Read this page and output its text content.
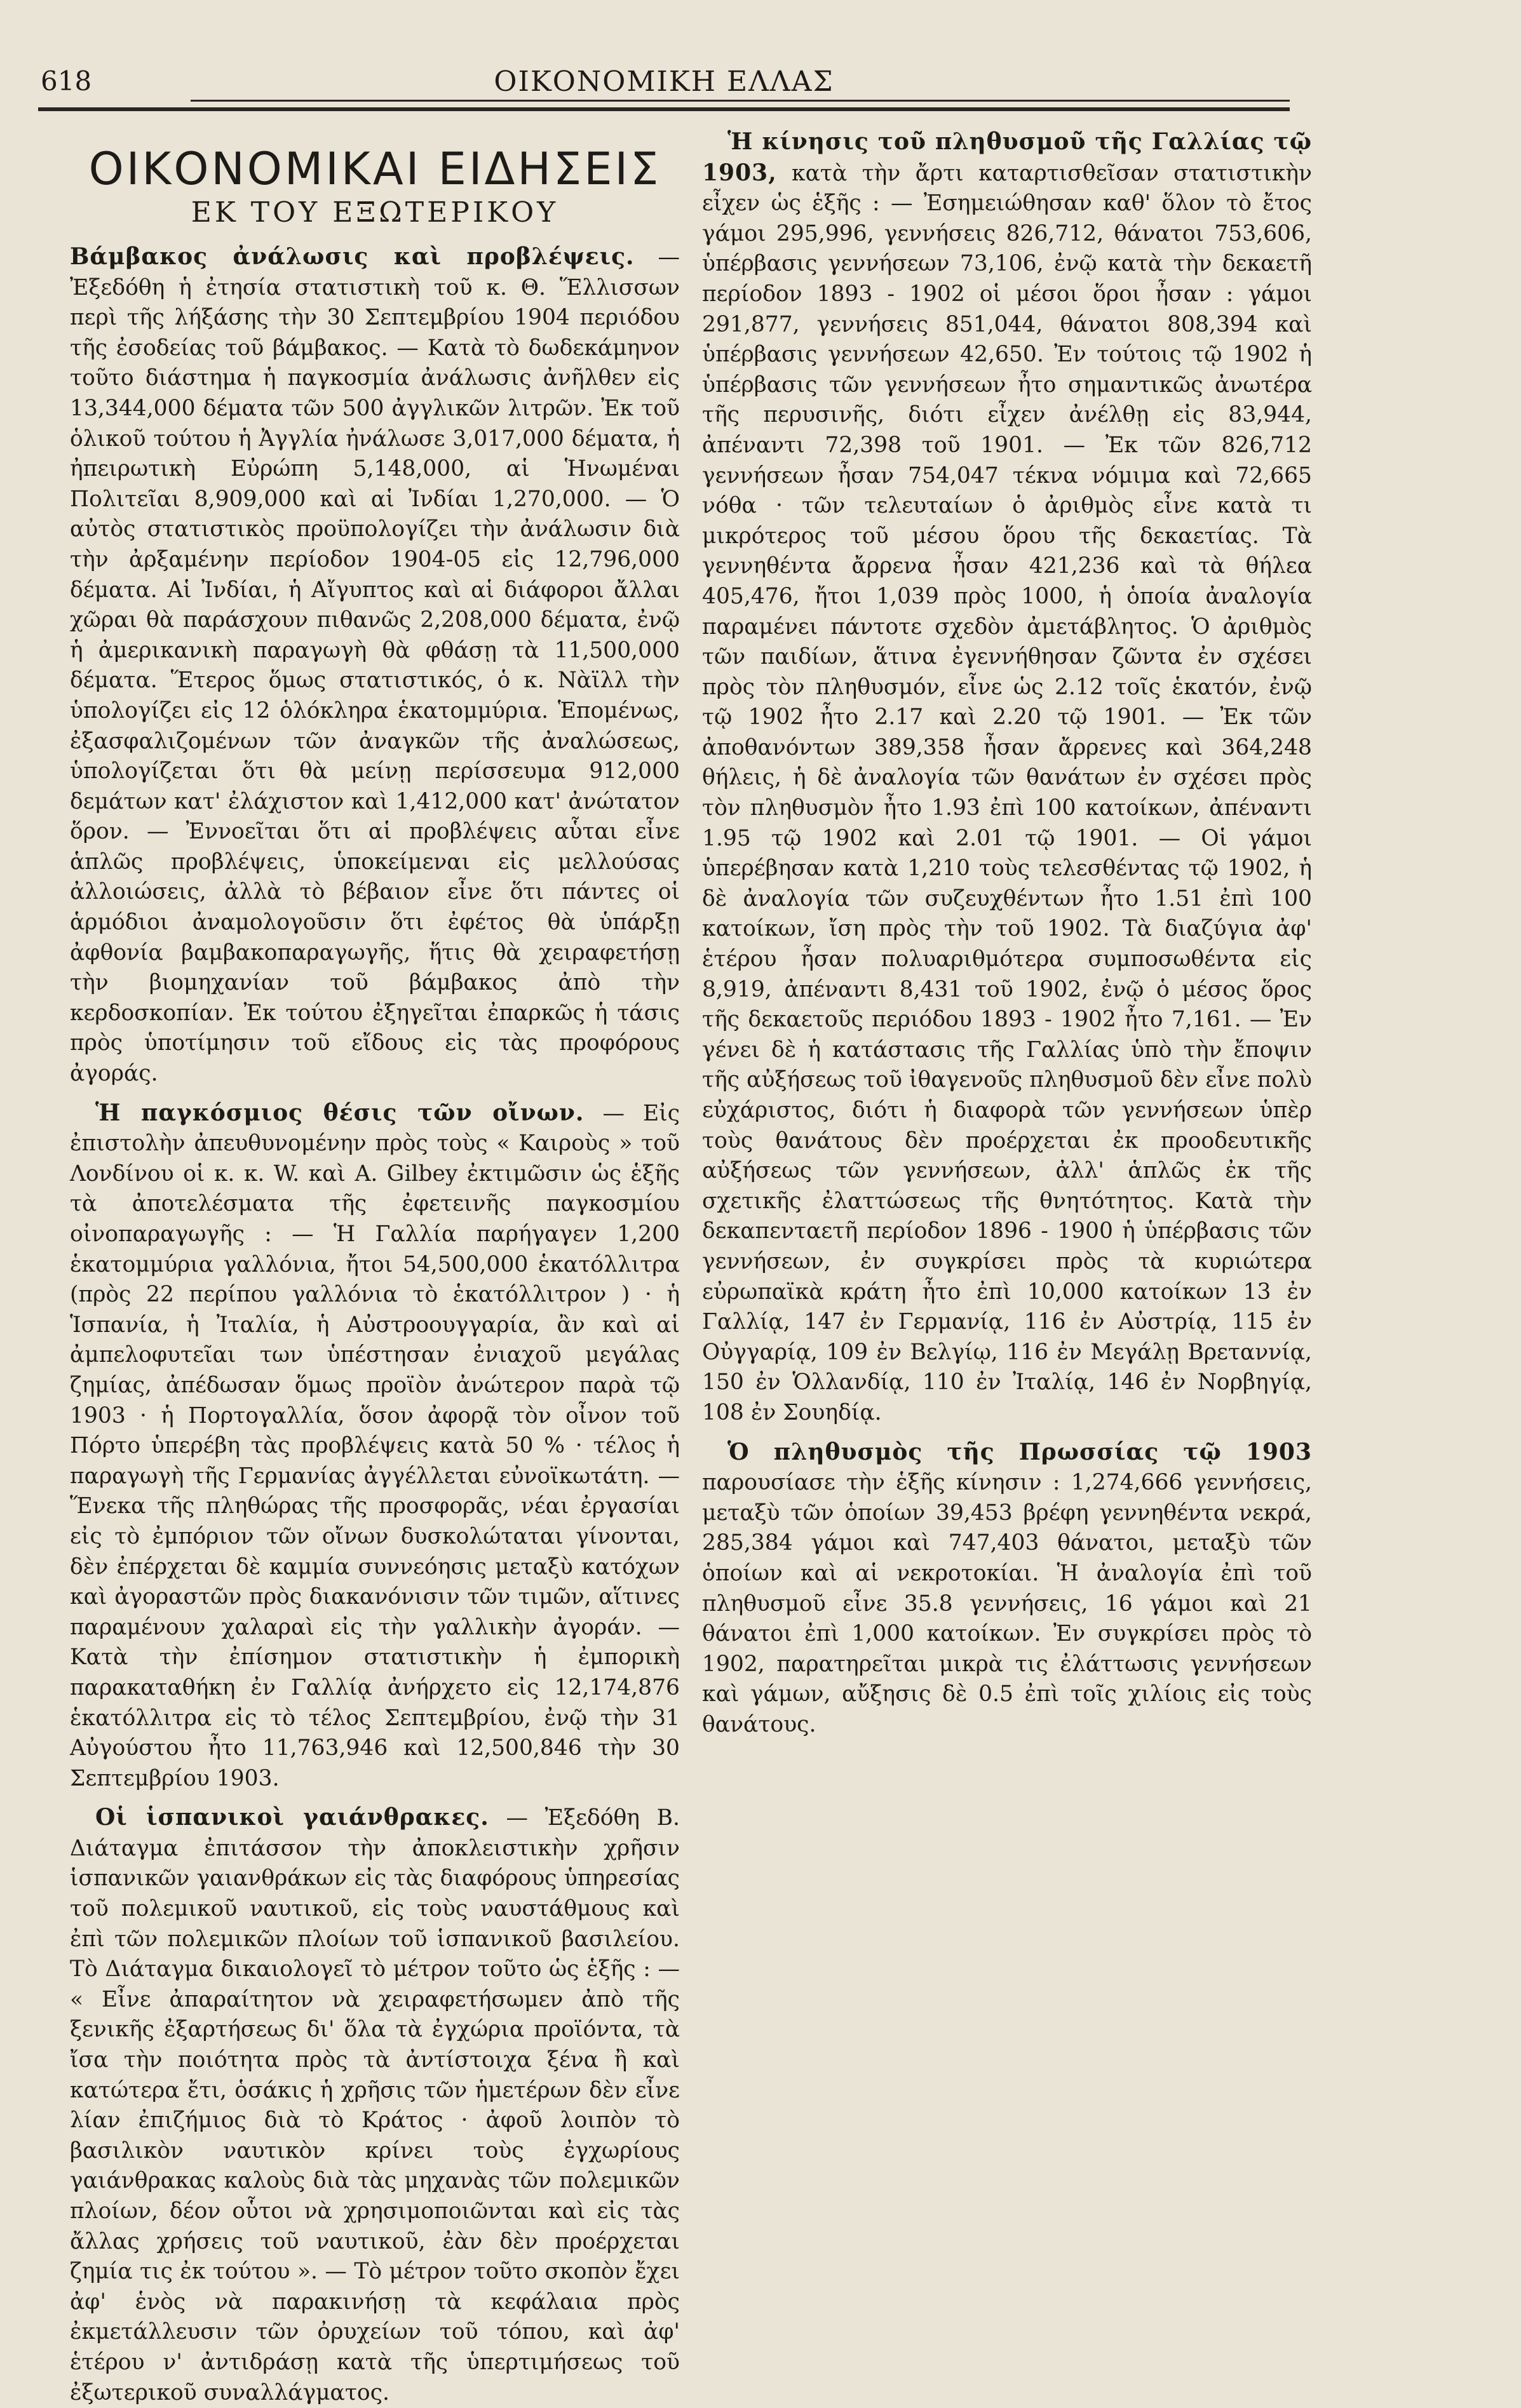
618	ΟΙΚΟΝΟΜΙΚΗ ΕΛΛΑΣ
ΟΙΚΟΝΟΜΙΚΑΙ ΕΙΔΗΣΕΙΣ
ΕΚ ΤΟΥ ΕΞΩΤΕΡΙΚΟΥ

Βάμβακος ἀνάλωσις καὶ προβλέψεις. — Ἐξεδόθη ἡ ἐτησία στατιστικὴ τοῦ κ. Θ. Ἕλλισσων περὶ τῆς λήξάσης τὴν 30 Σεπτεμβρίου 1904 περιόδου τῆς ἐσοδείας τοῦ βάμβακος. — Κατὰ τὸ δωδεκάμηνον τοῦτο διάστημα ἡ παγκοσμία ἀνάλωσις ἀνῆλθεν εἰς 13,344,000 δέματα τῶν 500 ἀγγλικῶν λιτρῶν. Ἐκ τοῦ ὁλικοῦ τούτου ἡ Ἀγγλία ἠνάλωσε 3,017,000 δέματα, ἡ ἠπειρωτικὴ Εὐρώπη 5,148,000, αἱ Ἡνωμέναι Πολιτεῖαι 8,909,000 καὶ αἱ Ἰνδίαι 1,270,000. — Ὁ αὐτὸς στατιστικὸς προϋπολογίζει τὴν ἀνάλωσιν διὰ τὴν ἀρξαμένην περίοδον 1904-05 εἰς 12,796,000 δέματα. Αἱ Ἰνδίαι, ἡ Αἴγυπτος καὶ αἱ διάφοροι ἄλλαι χῶραι θὰ παράσχουν πιθανῶς 2,208,000 δέματα, ἐνῷ ἡ ἀμερικανικὴ παραγωγὴ θὰ φθάσῃ τὰ 11,500,000 δέματα. Ἕτερος ὅμως στατιστικός, ὁ κ. Νὰϊλλ τὴν ὑπολογίζει εἰς 12 ὁλόκληρα ἑκατομμύρια. Ἑπομένως, ἐξασφαλιζομένων τῶν ἀναγκῶν τῆς ἀναλώσεως, ὑπολογίζεται ὅτι θὰ μείνῃ περίσσευμα 912,000 δεμάτων κατ' ἐλάχιστον καὶ 1,412,000 κατ' ἀνώτατον ὅρον. — Ἐννοεῖται ὅτι αἱ προβλέψεις αὗται εἶνε ἁπλῶς προβλέψεις, ὑποκείμεναι εἰς μελλούσας ἀλλοιώσεις, ἀλλὰ τὸ βέβαιον εἶνε ὅτι πάντες οἱ ἁρμόδιοι ἀναμολογοῦσιν ὅτι ἐφέτος θὰ ὑπάρξῃ ἀφθονία βαμβακοπαραγωγῆς, ἥτις θὰ χειραφετήσῃ τὴν βιομηχανίαν τοῦ βάμβακος ἀπὸ τὴν κερδοσκοπίαν. Ἐκ τούτου ἐξηγεῖται ἐπαρκῶς ἡ τάσις πρὸς ὑποτίμησιν τοῦ εἴδους εἰς τὰς προφόρους ἀγοράς.

Ἡ παγκόσμιος θέσις τῶν οἴνων. — Εἰς ἐπιστολὴν ἀπευθυνομένην πρὸς τοὺς « Καιροὺς » τοῦ Λονδίνου οἱ κ. κ. W. καὶ A. Gilbey ἐκτιμῶσιν ὡς ἑξῆς τὰ ἀποτελέσματα τῆς ἐφετεινῆς παγκοσμίου οἰνοπαραγωγῆς : — Ἡ Γαλλία παρήγαγεν 1,200 ἑκατομμύρια γαλλόνια, ἤτοι 54,500,000 ἑκατόλλιτρα (πρὸς 22 περίπου γαλλόνια τὸ ἑκατόλλιτρον ) · ἡ Ἱσπανία, ἡ Ἰταλία, ἡ Αὐστροουγγαρία, ἂν καὶ αἱ ἀμπελοφυτεῖαι των ὑπέστησαν ἐνιαχοῦ μεγάλας ζημίας, ἀπέδωσαν ὅμως προϊὸν ἀνώτερον παρὰ τῷ 1903 · ἡ Πορτογαλλία, ὅσον ἀφορᾷ τὸν οἶνον τοῦ Πόρτο ὑπερέβη τὰς προβλέψεις κατὰ 50 % · τέλος ἡ παραγωγὴ τῆς Γερμανίας ἀγγέλλεται εὐνοϊκωτάτη. — Ἕνεκα τῆς πληθώρας τῆς προσφορᾶς, νέαι ἐργασίαι εἰς τὸ ἐμπόριον τῶν οἴνων δυσκολώταται γίνονται, δὲν ἐπέρχεται δὲ καμμία συννεόησις μεταξὺ κατόχων καὶ ἀγοραστῶν πρὸς διακανόνισιν τῶν τιμῶν, αἵτινες παραμένουν χαλαραὶ εἰς τὴν γαλλικὴν ἀγοράν. — Κατὰ τὴν ἐπίσημον στατιστικὴν ἡ ἐμπορικὴ παρακαταθήκη ἐν Γαλλίᾳ ἀνήρχετο εἰς 12,174,876 ἑκατόλλιτρα εἰς τὸ τέλος Σεπτεμβρίου, ἐνῷ τὴν 31 Αὐγούστου ἦτο 11,763,946 καὶ 12,500,846 τὴν 30 Σεπτεμβρίου 1903.

Οἱ ἱσπανικοὶ γαιάνθρακες. — Ἐξεδόθη Β. Διάταγμα ἐπιτάσσον τὴν ἀποκλειστικὴν χρῆσιν ἱσπανικῶν γαιανθράκων εἰς τὰς διαφόρους ὑπηρεσίας τοῦ πολεμικοῦ ναυτικοῦ, εἰς τοὺς ναυστάθμους καὶ ἐπὶ τῶν πολεμικῶν πλοίων τοῦ ἱσπανικοῦ βασιλείου. Τὸ Διάταγμα δικαιολογεῖ τὸ μέτρον τοῦτο ὡς ἑξῆς : — « Εἶνε ἀπαραίτητον νὰ χειραφετήσωμεν ἀπὸ τῆς ξενικῆς ἐξαρτήσεως δι' ὅλα τὰ ἐγχώρια προϊόντα, τὰ ἴσα τὴν ποιότητα πρὸς τὰ ἀντίστοιχα ξένα ἢ καὶ κατώτερα ἔτι, ὁσάκις ἡ χρῆσις τῶν ἡμετέρων δὲν εἶνε λίαν ἐπιζήμιος διὰ τὸ Κράτος · ἀφοῦ λοιπὸν τὸ βασιλικὸν ναυτικὸν κρίνει τοὺς ἐγχωρίους γαιάνθρακας καλοὺς διὰ τὰς μηχανὰς τῶν πολεμικῶν πλοίων, δέον οὗτοι νὰ χρησιμοποιῶνται καὶ εἰς τὰς ἄλλας χρήσεις τοῦ ναυτικοῦ, ἐὰν δὲν προέρχεται ζημία τις ἐκ τούτου ». — Τὸ μέτρον τοῦτο σκοπὸν ἔχει ἀφ' ἑνὸς νὰ παρακινήσῃ τὰ κεφάλαια πρὸς ἐκμετάλλευσιν τῶν ὀρυχείων τοῦ τόπου, καὶ ἀφ' ἑτέρου ν' ἀντιδράσῃ κατὰ τῆς ὑπερτιμήσεως τοῦ ἐξωτερικοῦ συναλλάγματος.

Ἡ κίνησις τοῦ πληθυσμοῦ τῆς Γαλλίας τῷ 1903, κατὰ τὴν ἄρτι καταρτισθεῖσαν στατιστικὴν εἶχεν ὡς ἑξῆς : — Ἐσημειώθησαν καθ' ὅλον τὸ ἔτος γάμοι 295,996, γεννήσεις 826,712, θάνατοι 753,606, ὑπέρβασις γεννήσεων 73,106, ἐνῷ κατὰ τὴν δεκαετῆ περίοδον 1893 - 1902 οἱ μέσοι ὅροι ἦσαν : γάμοι 291,877, γεννήσεις 851,044, θάνατοι 808,394 καὶ ὑπέρβασις γεννήσεων 42,650. Ἐν τούτοις τῷ 1902 ἡ ὑπέρβασις τῶν γεννήσεων ἦτο σημαντικῶς ἀνωτέρα τῆς περυσινῆς, διότι εἶχεν ἀνέλθῃ εἰς 83,944, ἀπέναντι 72,398 τοῦ 1901. — Ἐκ τῶν 826,712 γεννήσεων ἦσαν 754,047 τέκνα νόμιμα καὶ 72,665 νόθα · τῶν τελευταίων ὁ ἀριθμὸς εἶνε κατὰ τι μικρότερος τοῦ μέσου ὅρου τῆς δεκαετίας. Τὰ γεννηθέντα ἄρρενα ἦσαν 421,236 καὶ τὰ θήλεα 405,476, ἤτοι 1,039 πρὸς 1000, ἡ ὁποία ἀναλογία παραμένει πάντοτε σχεδὸν ἀμετάβλητος. Ὁ ἀριθμὸς τῶν παιδίων, ἅτινα ἐγεννήθησαν ζῶντα ἐν σχέσει πρὸς τὸν πληθυσμόν, εἶνε ὡς 2.12 τοῖς ἑκατόν, ἐνῷ τῷ 1902 ἦτο 2.17 καὶ 2.20 τῷ 1901. — Ἐκ τῶν ἀποθανόντων 389,358 ἦσαν ἄρρενες καὶ 364,248 θήλεις, ἡ δὲ ἀναλογία τῶν θανάτων ἐν σχέσει πρὸς τὸν πληθυσμὸν ἦτο 1.93 ἐπὶ 100 κατοίκων, ἀπέναντι 1.95 τῷ 1902 καὶ 2.01 τῷ 1901. — Οἱ γάμοι ὑπερέβησαν κατὰ 1,210 τοὺς τελεσθέντας τῷ 1902, ἡ δὲ ἀναλογία τῶν συζευχθέντων ἦτο 1.51 ἐπὶ 100 κατοίκων, ἴση πρὸς τὴν τοῦ 1902. Τὰ διαζύγια ἀφ' ἑτέρου ἦσαν πολυαριθμότερα συμποσωθέντα εἰς 8,919, ἀπέναντι 8,431 τοῦ 1902, ἐνῷ ὁ μέσος ὅρος τῆς δεκαετοῦς περιόδου 1893 - 1902 ἦτο 7,161. — Ἐν γένει δὲ ἡ κατάστασις τῆς Γαλλίας ὑπὸ τὴν ἔποψιν τῆς αὐξήσεως τοῦ ἰθαγενοῦς πληθυσμοῦ δὲν εἶνε πολὺ εὐχάριστος, διότι ἡ διαφορὰ τῶν γεννήσεων ὑπὲρ τοὺς θανάτους δὲν προέρχεται ἐκ προοδευτικῆς αὐξήσεως τῶν γεννήσεων, ἀλλ' ἁπλῶς ἐκ τῆς σχετικῆς ἐλαττώσεως τῆς θνητότητος. Κατὰ τὴν δεκαπενταετῆ περίοδον 1896 - 1900 ἡ ὑπέρβασις τῶν γεννήσεων, ἐν συγκρίσει πρὸς τὰ κυριώτερα εὐρωπαϊκὰ κράτη ἦτο ἐπὶ 10,000 κατοίκων 13 ἐν Γαλλίᾳ, 147 ἐν Γερμανίᾳ, 116 ἐν Αὐστρίᾳ, 115 ἐν Οὐγγαρίᾳ, 109 ἐν Βελγίῳ, 116 ἐν Μεγάλῃ Βρεταννίᾳ, 150 ἐν Ὁλλανδίᾳ, 110 ἐν Ἰταλίᾳ, 146 ἐν Νορβηγίᾳ, 108 ἐν Σουηδίᾳ.

Ὁ πληθυσμὸς τῆς Πρωσσίας τῷ 1903 παρουσίασε τὴν ἑξῆς κίνησιν : 1,274,666 γεννήσεις, μεταξὺ τῶν ὁποίων 39,453 βρέφη γεννηθέντα νεκρά, 285,384 γάμοι καὶ 747,403 θάνατοι, μεταξὺ τῶν ὁποίων καὶ αἱ νεκροτοκίαι. Ἡ ἀναλογία ἐπὶ τοῦ πληθυσμοῦ εἶνε 35.8 γεννήσεις, 16 γάμοι καὶ 21 θάνατοι ἐπὶ 1,000 κατοίκων. Ἐν συγκρίσει πρὸς τὸ 1902, παρατηρεῖται μικρὰ τις ἐλάττωσις γεννήσεων καὶ γάμων, αὔξησις δὲ 0.5 ἐπὶ τοῖς χιλίοις εἰς τοὺς θανάτους.
